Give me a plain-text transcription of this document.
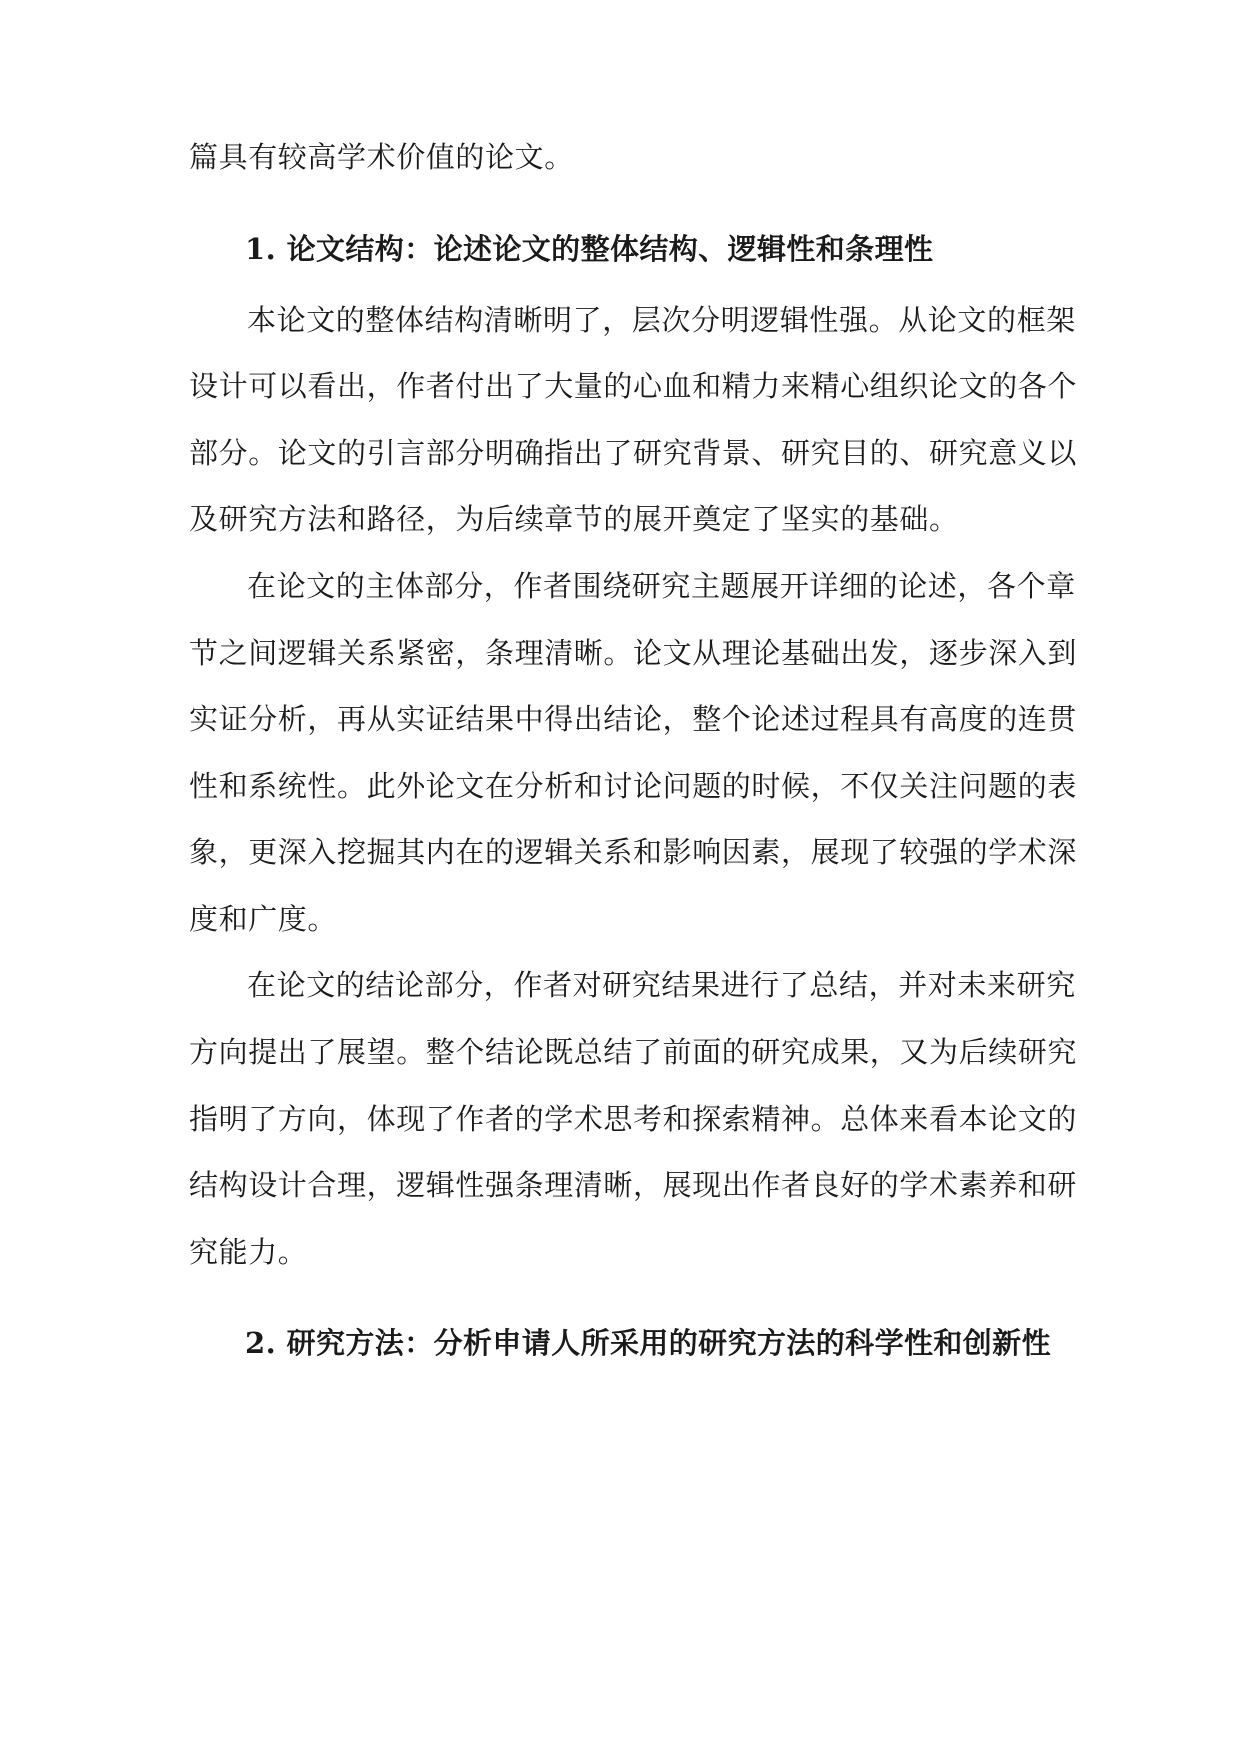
篇具有较高学术价值的论文。
1. 论文结构：论述论文的整体结构、逻辑性和条理性
本论文的整体结构清晰明了，层次分明逻辑性强。从论文的框架
设计可以看出，作者付出了大量的心血和精力来精心组织论文的各个
部分。论文的引言部分明确指出了研究背景、研究目的、研究意义以
及研究方法和路径，为后续章节的展开奠定了坚实的基础。
在论文的主体部分，作者围绕研究主题展开详细的论述，各个章
节之间逻辑关系紧密，条理清晰。论文从理论基础出发，逐步深入到
实证分析，再从实证结果中得出结论，整个论述过程具有高度的连贯
性和系统性。此外论文在分析和讨论问题的时候，不仅关注问题的表
象，更深入挖掘其内在的逻辑关系和影响因素，展现了较强的学术深
度和广度。
在论文的结论部分，作者对研究结果进行了总结，并对未来研究
方向提出了展望。整个结论既总结了前面的研究成果，又为后续研究
指明了方向，体现了作者的学术思考和探索精神。总体来看本论文的
结构设计合理，逻辑性强条理清晰，展现出作者良好的学术素养和研
究能力。
2. 研究方法：分析申请人所采用的研究方法的科学性和创新性
